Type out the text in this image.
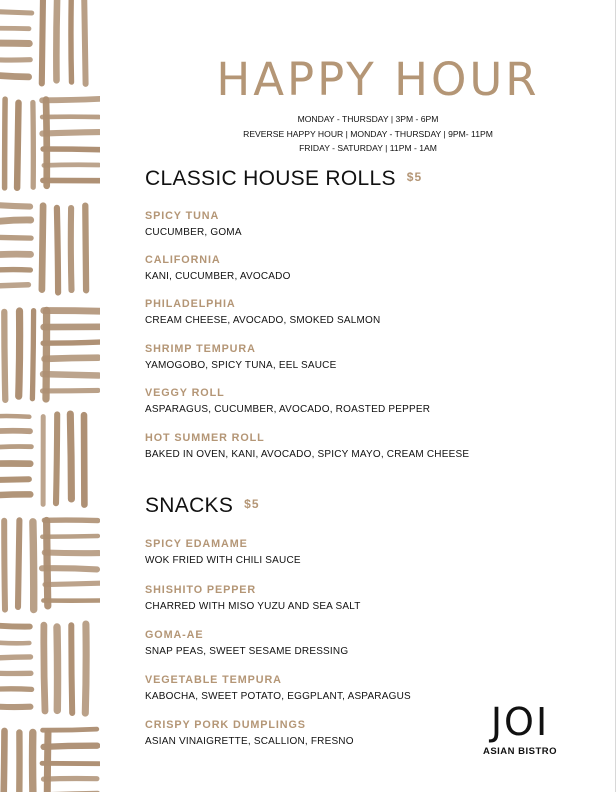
HAPPY HOUR
MONDAY - THURSDAY | 3PM - 6PM
REVERSE HAPPY HOUR | MONDAY - THURSDAY | 9PM- 11PM
FRIDAY - SATURDAY | 11PM - 1AM
CLASSIC HOUSE ROLLS $^{\$5}$
SPICY TUNA
CUCUMBER, GOMA
CALIFORNIA
KANI, CUCUMBER, AVOCADO
PHILADELPHIA
CREAM CHEESE, AVOCADO, SMOKED SALMON
SHRIMP TEMPURA
YAMOGOBO, SPICY TUNA, EEL SAUCE
VEGGY ROLL
ASPARAGUS, CUCUMBER, AVOCADO, ROASTED PEPPER
HOT SUMMER ROLL
BAKED IN OVEN, KANI, AVOCADO, SPICY MAYO, CREAM CHEESE
SNACKS $^{\$5}$
SPICY EDAMAME
WOK FRIED WITH CHILI SAUCE
SHISHITO PEPPER
CHARRED WITH MISO YUZU AND SEA SALT
GOMA-AE
SNAP PEAS, SWEET SESAME DRESSING
VEGETABLE TEMPURA
KABOCHA, SWEET POTATO, EGGPLANT, ASPARAGUS
CRISPY PORK DUMPLINGS
ASIAN VINAIGRETTE, SCALLION, FRESNO	JOI
ASIAN BISTRO
